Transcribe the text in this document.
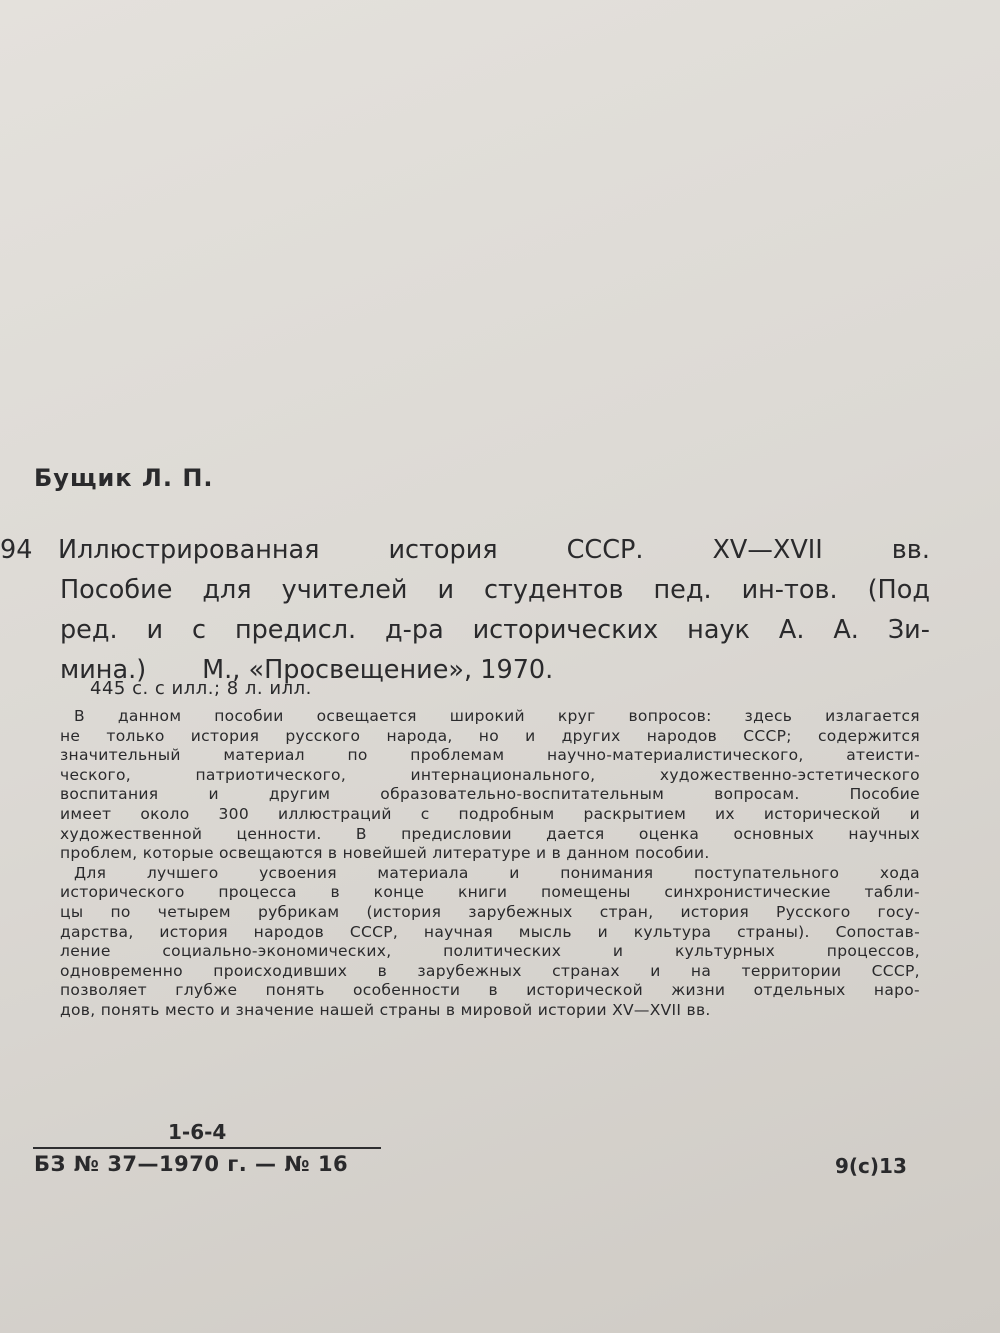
Бущик Л. П.
94	Иллюстрированная	история	СССР.	XV—XVII	вв.
Пособие для учителей и студентов пед. ин-тов. (Под
ред. и с предисл. д-ра исторических наук А. А. Зи-
мина.) М., «Просвещение», 1970.
445 с. с илл.; 8 л. илл.
В данном пособии освещается широкий круг вопросов: здесь излагается
не только история русского народа, но и других народов СССР; содержится
значительный	материал	по	проблемам	научно-материалистического,	атеисти-
ческого,	патриотического,	интернационального,	художественно-эстетического
воспитания	и	другим	образовательно-воспитательным	вопросам.	Пособие
имеет около 300 иллюстраций с подробным раскрытием их исторической и
художественной ценности. В предисловии дается оценка основных научных
проблем, которые освещаются в новейшей литературе и в данном пособии.
Для	лучшего	усвоения	материала	и	понимания	поступательного	хода
исторического процесса в конце книги помещены синхронистические табли-
цы по четырем рубрикам (история зарубежных стран, история Русского госу-
дарства, история народов СССР, научная мысль и культура страны). Сопостав-
ление	социально-экономических,	политических	и	культурных	процессов,
одновременно происходивших в зарубежных странах и на территории СССР,
позволяет глубже понять особенности в исторической жизни отдельных наро-
дов, понять место и значение нашей страны в мировой истории XV—XVII вв.
1-6-4
БЗ № 37—1970 г. — № 16	9(с)13
